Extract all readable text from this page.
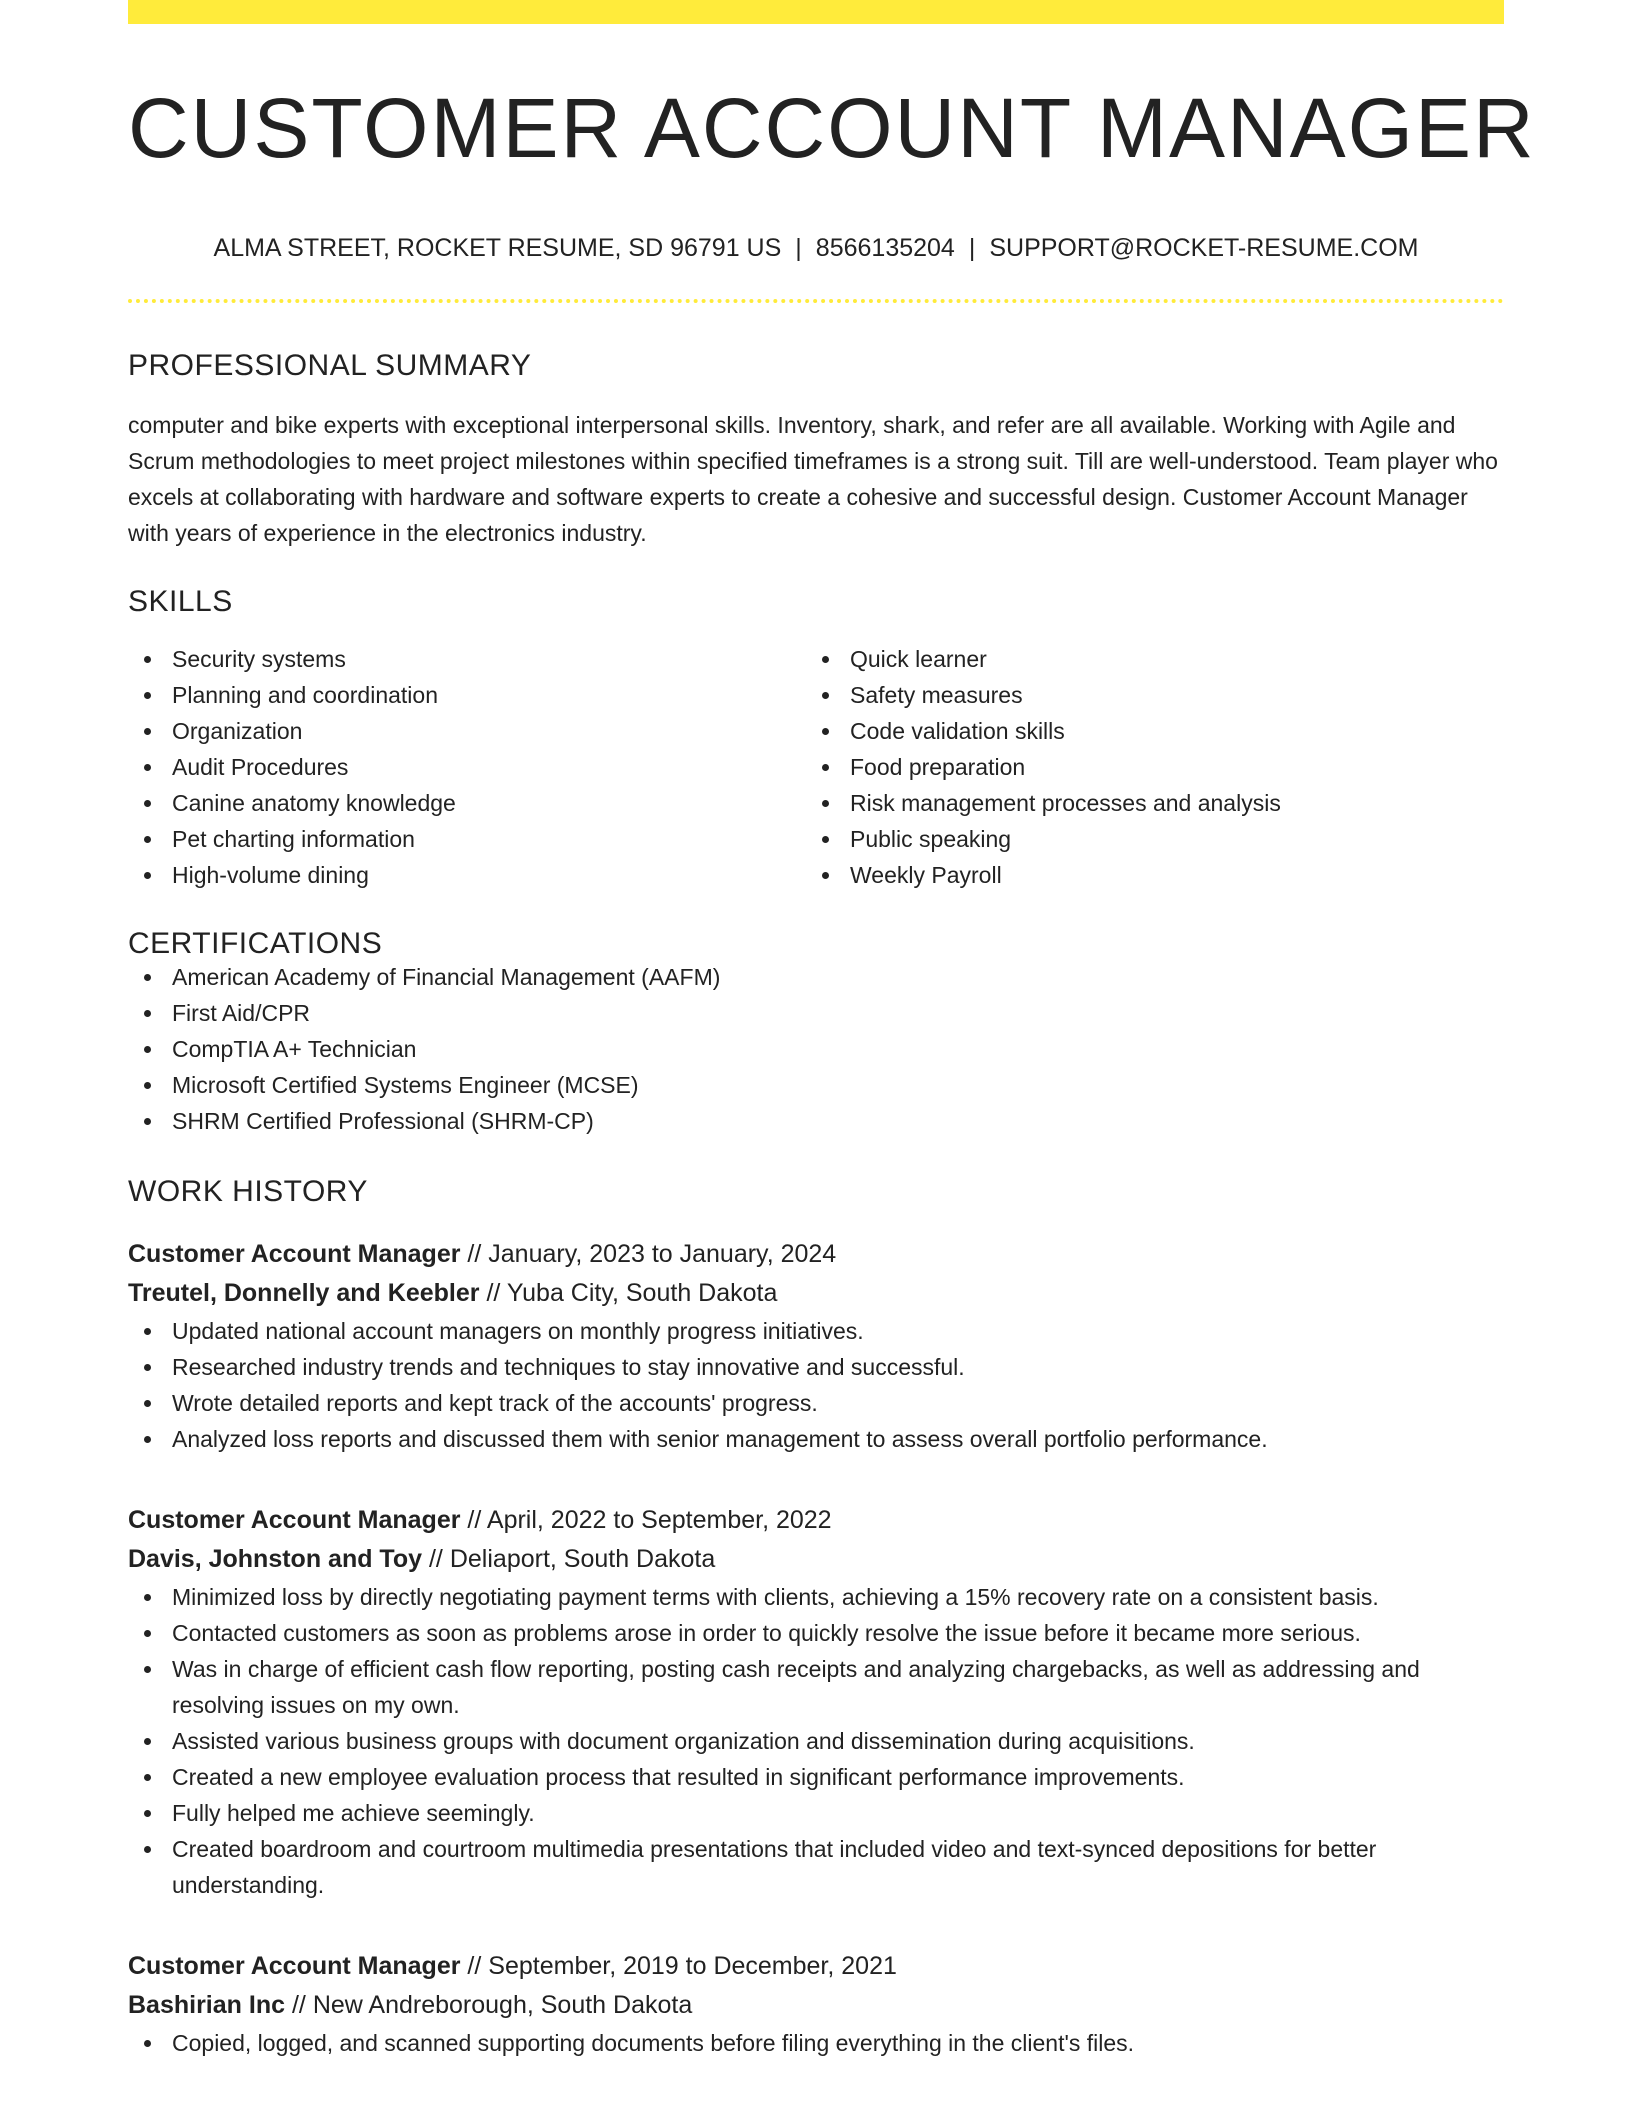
CUSTOMER ACCOUNT MANAGER
ALMA STREET, ROCKET RESUME, SD 96791 US | 8566135204 | SUPPORT@ROCKET-RESUME.COM
PROFESSIONAL SUMMARY

computer and bike experts with exceptional interpersonal skills. Inventory, shark, and refer are all available. Working with Agile and Scrum methodologies to meet project milestones within specified timeframes is a strong suit. Till are well-understood. Team player who excels at collaborating with hardware and software experts to create a cohesive and successful design. Customer Account Manager with years of experience in the electronics industry.

SKILLS
Security systems
Planning and coordination
Organization
Audit Procedures
Canine anatomy knowledge
Pet charting information
High-volume dining
Quick learner
Safety measures
Code validation skills
Food preparation
Risk management processes and analysis
Public speaking
Weekly Payroll
CERTIFICATIONS
American Academy of Financial Management (AAFM)
First Aid/CPR
CompTIA A+ Technician
Microsoft Certified Systems Engineer (MCSE)
SHRM Certified Professional (SHRM-CP)
WORK HISTORY
Customer Account Manager // January, 2023 to January, 2024
Treutel, Donnelly and Keebler // Yuba City, South Dakota
Updated national account managers on monthly progress initiatives.
Researched industry trends and techniques to stay innovative and successful.
Wrote detailed reports and kept track of the accounts' progress.
Analyzed loss reports and discussed them with senior management to assess overall portfolio performance.
Customer Account Manager // April, 2022 to September, 2022
Davis, Johnston and Toy // Deliaport, South Dakota
Minimized loss by directly negotiating payment terms with clients, achieving a 15% recovery rate on a consistent basis.
Contacted customers as soon as problems arose in order to quickly resolve the issue before it became more serious.
Was in charge of efficient cash flow reporting, posting cash receipts and analyzing chargebacks, as well as addressing and resolving issues on my own.
Assisted various business groups with document organization and dissemination during acquisitions.
Created a new employee evaluation process that resulted in significant performance improvements.
Fully helped me achieve seemingly.
Created boardroom and courtroom multimedia presentations that included video and text-synced depositions for better understanding.
Customer Account Manager // September, 2019 to December, 2021
Bashirian Inc // New Andreborough, South Dakota
Copied, logged, and scanned supporting documents before filing everything in the client's files.
